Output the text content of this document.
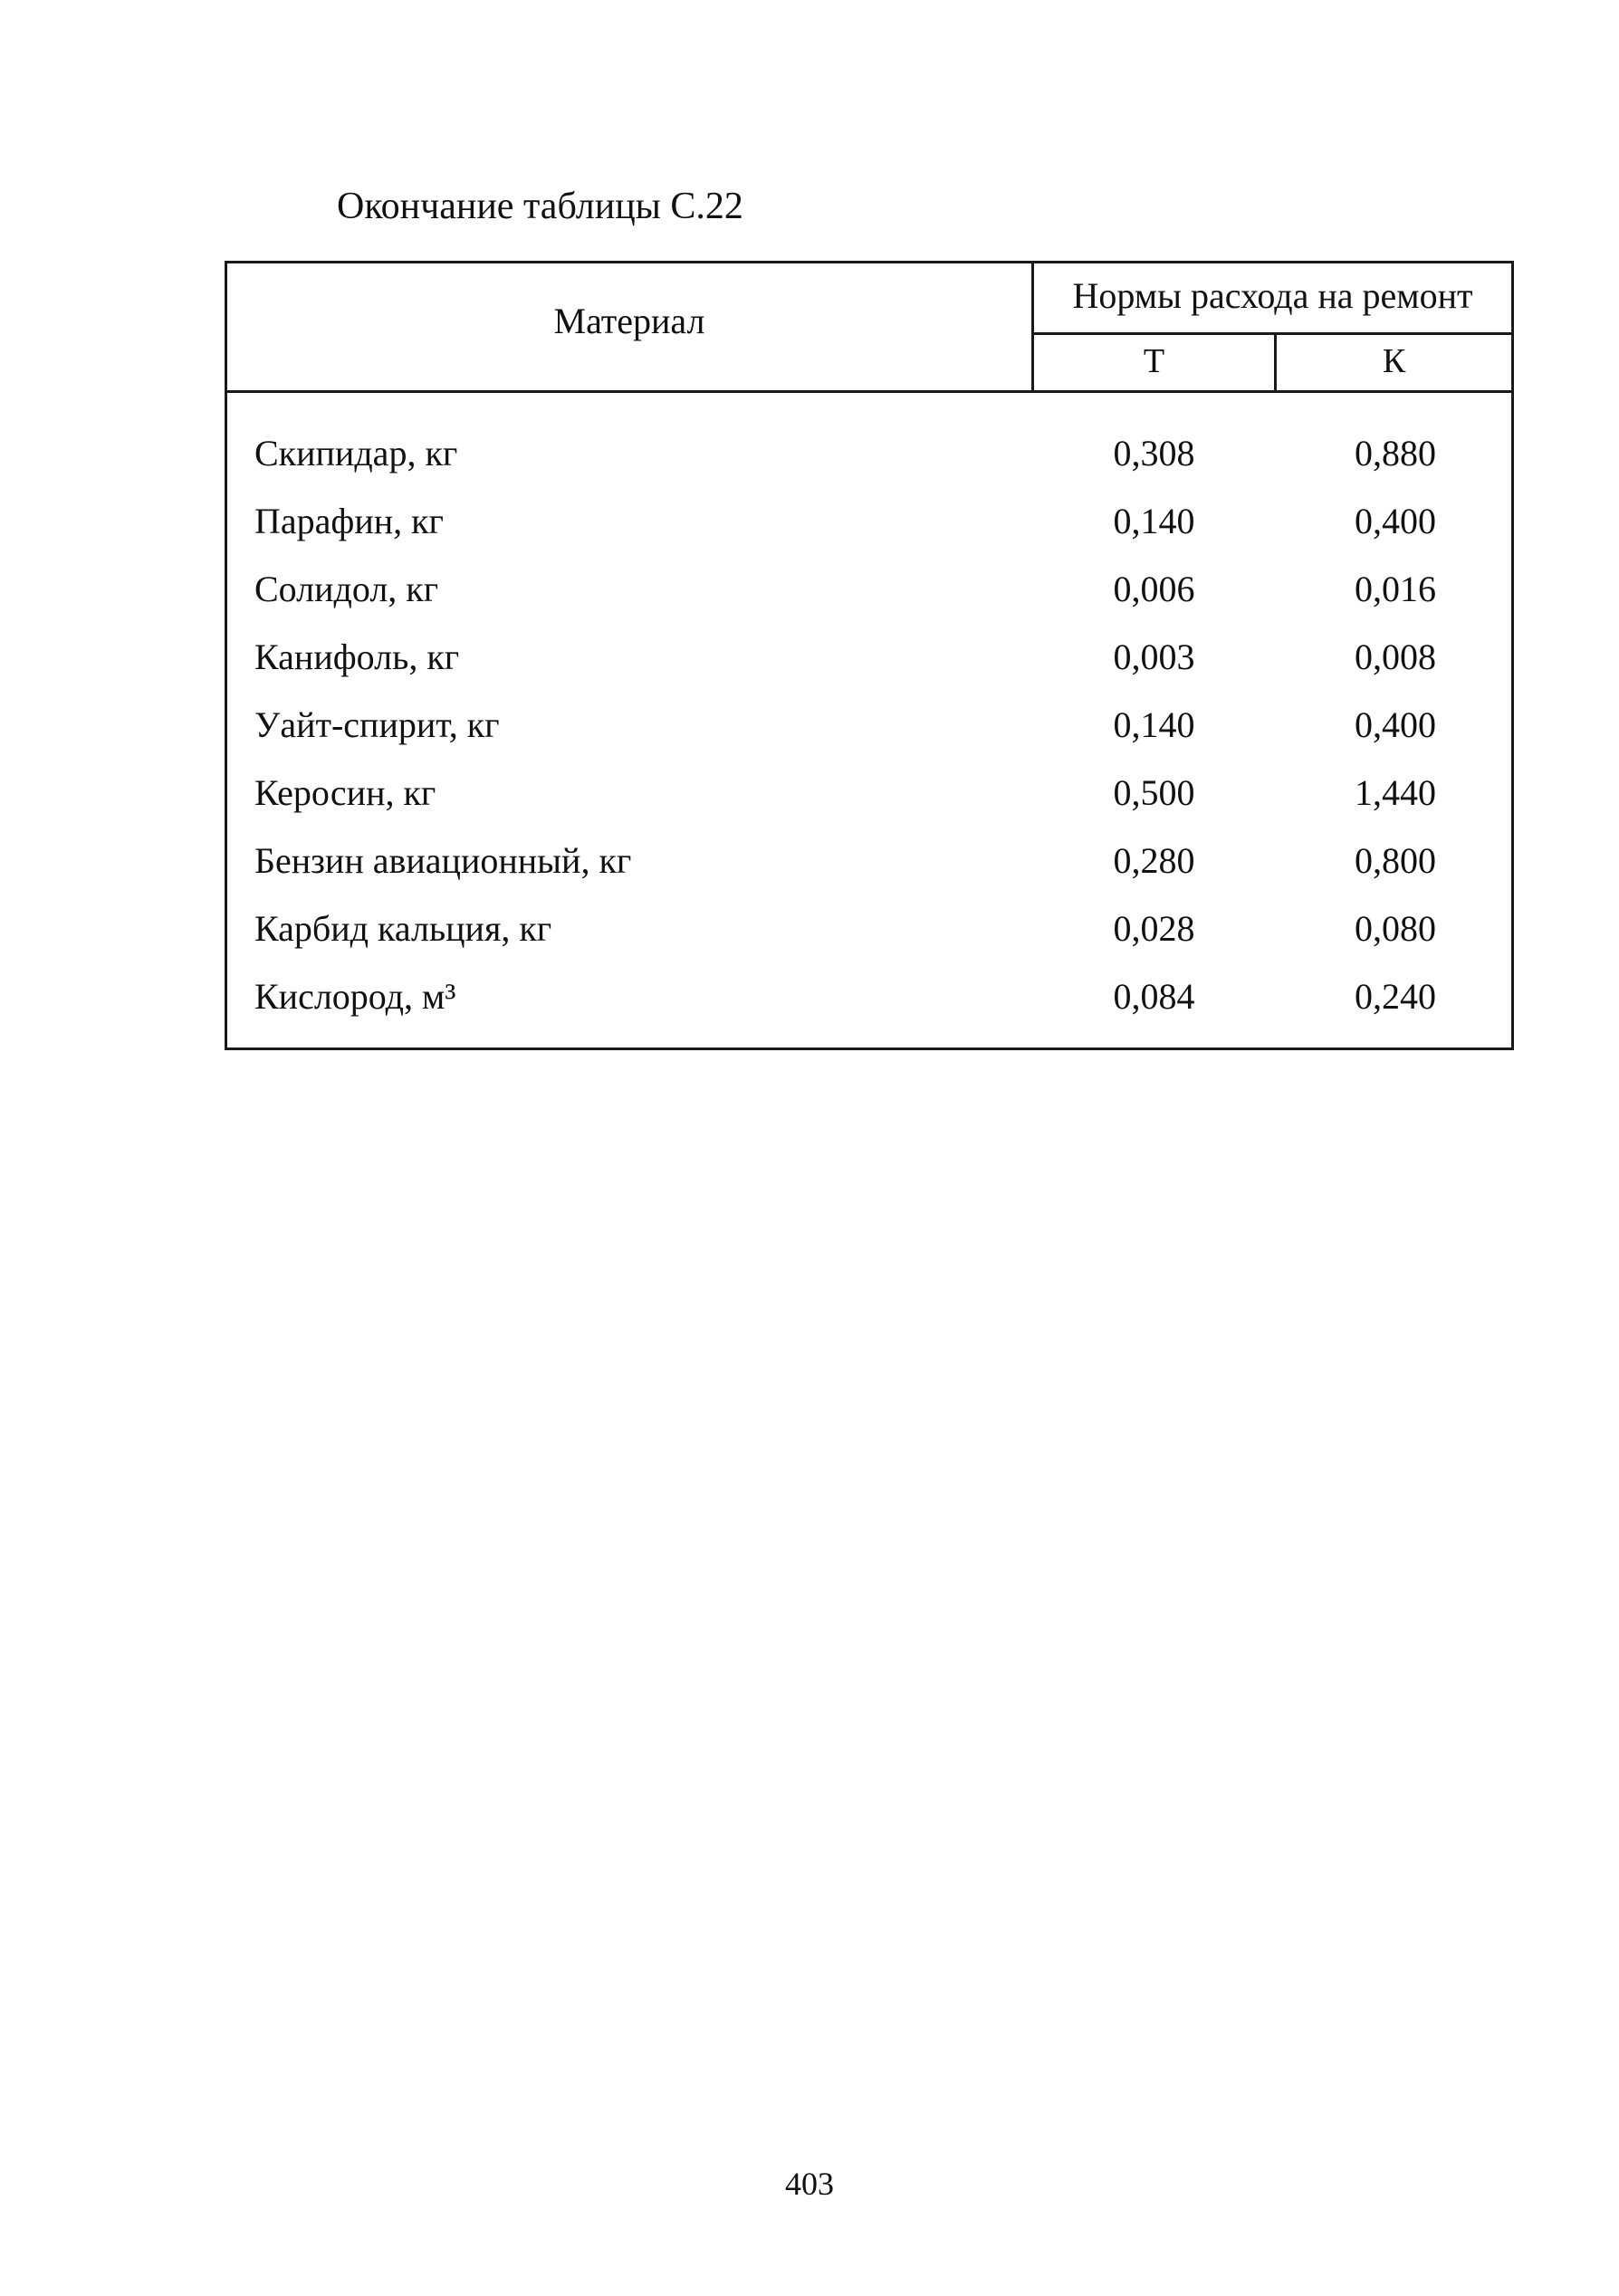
Окончание таблицы С.22
Материал
Нормы расхода на ремонт
Т	К
Скипидар, кг	0,308	0,880
Парафин, кг	0,140	0,400
Солидол, кг	0,006	0,016
Канифоль, кг	0,003	0,008
Уайт-спирит, кг	0,140	0,400
Керосин, кг	0,500	1,440
Бензин авиационный, кг	0,280	0,800
Карбид кальция, кг	0,028	0,080
Кислород, м³	0,084	0,240
403
